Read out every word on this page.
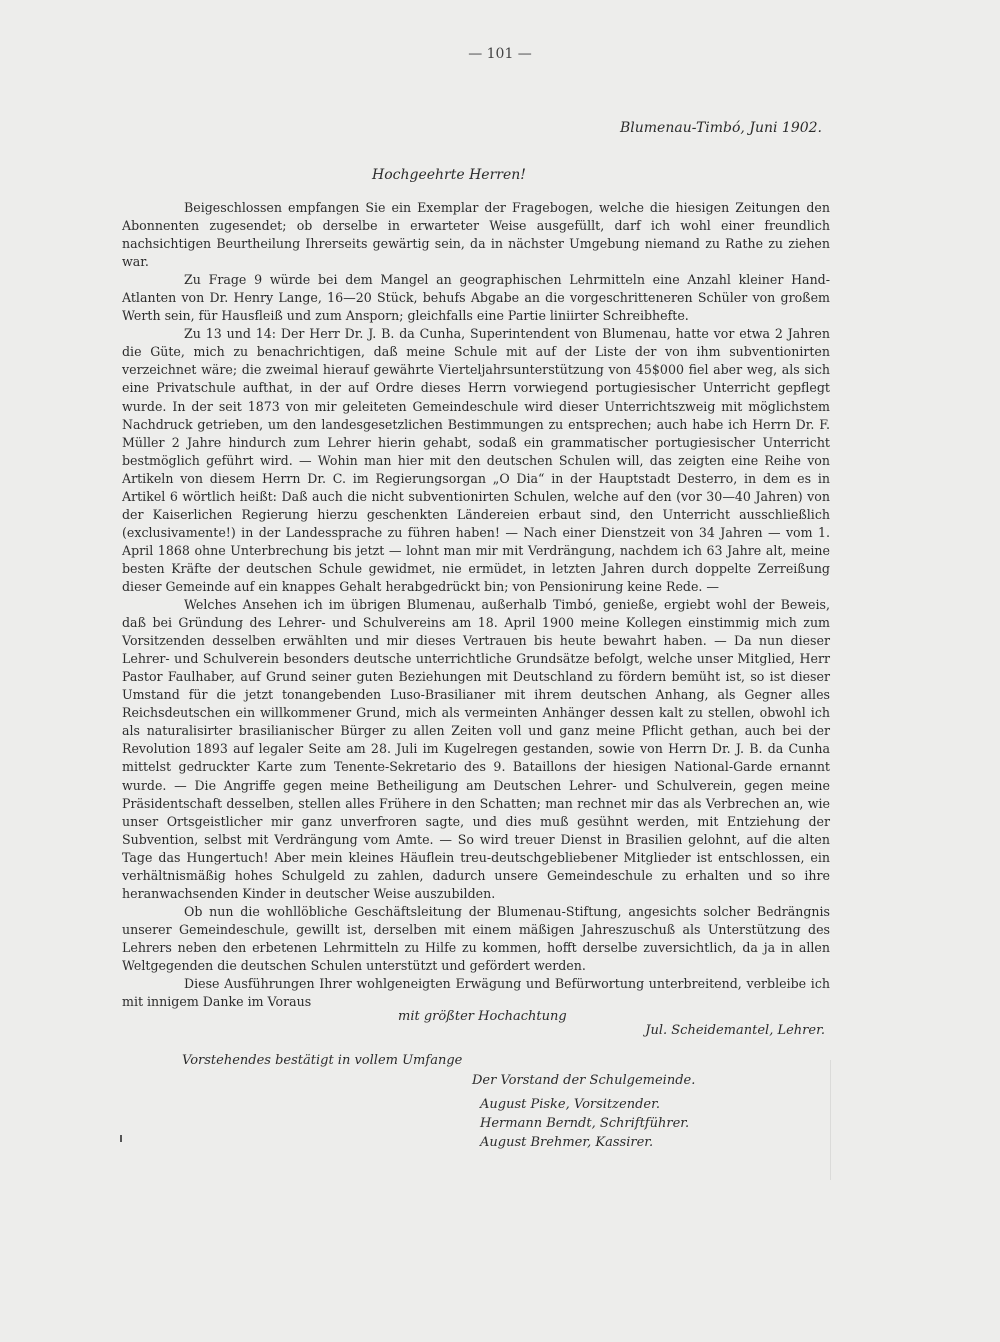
— 101 —
Blumenau-Timbó, Juni 1902.
Hochgeehrte Herren!

Beigeschlossen empfangen Sie ein Exemplar der Fragebogen, welche die hiesigen Zeitungen den Abonnenten zugesendet; ob derselbe in erwarteter Weise ausgefüllt, darf ich wohl einer freundlich nachsichtigen Beurtheilung Ihrerseits gewärtig sein, da in nächster Umgebung niemand zu Rathe zu ziehen war.

Zu Frage 9 würde bei dem Mangel an geographischen Lehrmitteln eine Anzahl kleiner Hand-Atlanten von Dr. Henry Lange, 16—20 Stück, behufs Abgabe an die vorgeschritteneren Schüler von großem Werth sein, für Hausfleiß und zum Ansporn; gleichfalls eine Partie liniirter Schreibhefte.

Zu 13 und 14: Der Herr Dr. J. B. da Cunha, Superintendent von Blumenau, hatte vor etwa 2 Jahren die Güte, mich zu benachrichtigen, daß meine Schule mit auf der Liste der von ihm subventionirten verzeichnet wäre; die zweimal hierauf gewährte Vierteljahrsunterstützung von 45$000 fiel aber weg, als sich eine Privatschule aufthat, in der auf Ordre dieses Herrn vorwiegend portugiesischer Unterricht gepflegt wurde. In der seit 1873 von mir geleiteten Gemeindeschule wird dieser Unterrichtszweig mit möglichstem Nachdruck getrieben, um den landesgesetzlichen Bestimmungen zu entsprechen; auch habe ich Herrn Dr. F. Müller 2 Jahre hindurch zum Lehrer hierin gehabt, sodaß ein grammatischer portugiesischer Unterricht bestmöglich geführt wird. — Wohin man hier mit den deutschen Schulen will, das zeigten eine Reihe von Artikeln von diesem Herrn Dr. C. im Regierungsorgan „O Dia“ in der Hauptstadt Desterro, in dem es in Artikel 6 wörtlich heißt: Daß auch die nicht subventionirten Schulen, welche auf den (vor 30—40 Jahren) von der Kaiserlichen Regierung hierzu geschenkten Ländereien erbaut sind, den Unterricht ausschließlich (exclusivamente!) in der Landessprache zu führen haben! — Nach einer Dienstzeit von 34 Jahren — vom 1. April 1868 ohne Unterbrechung bis jetzt — lohnt man mir mit Verdrängung, nachdem ich 63 Jahre alt, meine besten Kräfte der deutschen Schule gewidmet, nie ermüdet, in letzten Jahren durch doppelte Zerreißung dieser Gemeinde auf ein knappes Gehalt herabgedrückt bin; von Pensionirung keine Rede. —

Welches Ansehen ich im übrigen Blumenau, außerhalb Timbó, genieße, ergiebt wohl der Beweis, daß bei Gründung des Lehrer- und Schulvereins am 18. April 1900 meine Kollegen einstimmig mich zum Vorsitzenden desselben erwählten und mir dieses Vertrauen bis heute bewahrt haben. — Da nun dieser Lehrer- und Schulverein besonders deutsche unterrichtliche Grundsätze befolgt, welche unser Mitglied, Herr Pastor Faulhaber, auf Grund seiner guten Beziehungen mit Deutschland zu fördern bemüht ist, so ist dieser Umstand für die jetzt tonangebenden Luso-Brasilianer mit ihrem deutschen Anhang, als Gegner alles Reichsdeutschen ein willkommener Grund, mich als vermeinten Anhänger dessen kalt zu stellen, obwohl ich als naturalisirter brasilianischer Bürger zu allen Zeiten voll und ganz meine Pflicht gethan, auch bei der Revolution 1893 auf legaler Seite am 28. Juli im Kugelregen gestanden, sowie von Herrn Dr. J. B. da Cunha mittelst gedruckter Karte zum Tenente-Sekretario des 9. Bataillons der hiesigen National-Garde ernannt wurde. — Die Angriffe gegen meine Betheiligung am Deutschen Lehrer- und Schulverein, gegen meine Präsidentschaft desselben, stellen alles Frühere in den Schatten; man rechnet mir das als Verbrechen an, wie unser Ortsgeistlicher mir ganz unverfroren sagte, und dies muß gesühnt werden, mit Entziehung der Subvention, selbst mit Verdrängung vom Amte. — So wird treuer Dienst in Brasilien gelohnt, auf die alten Tage das Hungertuch! Aber mein kleines Häuflein treu-deutschgebliebener Mitglieder ist entschlossen, ein verhältnismäßig hohes Schulgeld zu zahlen, dadurch unsere Gemeindeschule zu erhalten und so ihre heranwachsenden Kinder in deutscher Weise auszubilden.

Ob nun die wohllöbliche Geschäftsleitung der Blumenau-Stiftung, angesichts solcher Bedrängnis unserer Gemeindeschule, gewillt ist, derselben mit einem mäßigen Jahreszuschuß als Unterstützung des Lehrers neben den erbetenen Lehrmitteln zu Hilfe zu kommen, hofft derselbe zuversichtlich, da ja in allen Weltgegenden die deutschen Schulen unterstützt und gefördert werden.

Diese Ausführungen Ihrer wohlgeneigten Erwägung und Befürwortung unterbreitend, verbleibe ich mit innigem Danke im Voraus

mit größter Hochachtung
Jul. Scheidemantel, Lehrer.
Vorstehendes bestätigt in vollem Umfange
Der Vorstand der Schulgemeinde.
August Piske, Vorsitzender.
Hermann Berndt, Schriftführer.
August Brehmer, Kassirer.
